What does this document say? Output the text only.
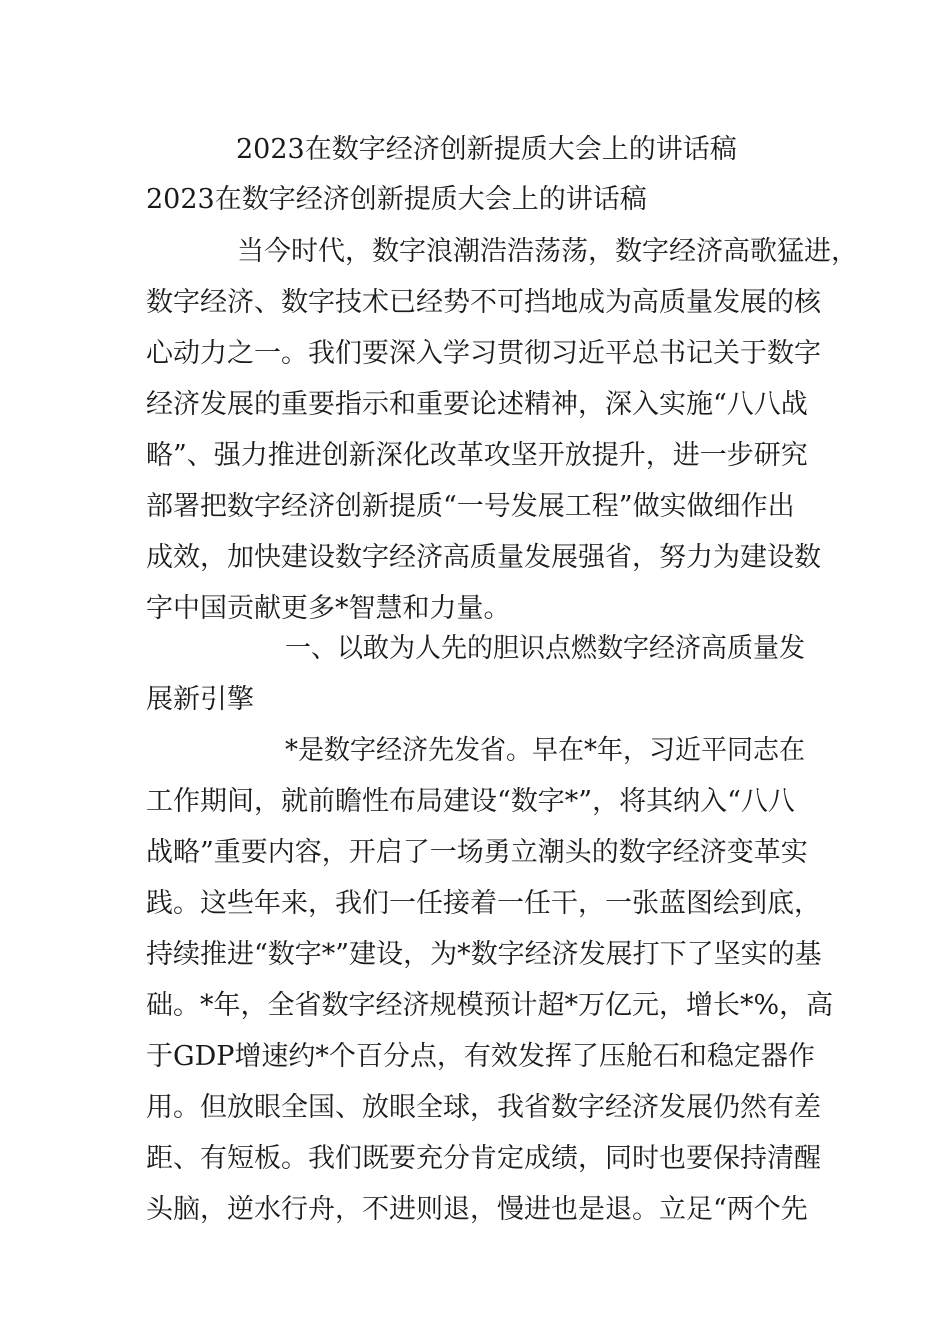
2023在数字经济创新提质大会上的讲话稿
2023在数字经济创新提质大会上的讲话稿
当今时代，数字浪潮浩浩荡荡，数字经济高歌猛进，
数字经济、数字技术已经势不可挡地成为高质量发展的核
心动力之一。我们要深入学习贯彻习近平总书记关于数字
经济发展的重要指示和重要论述精神，深入实施“八八战
略”、强力推进创新深化改革攻坚开放提升，进一步研究
部署把数字经济创新提质“一号发展工程”做实做细作出
成效，加快建设数字经济高质量发展强省，努力为建设数
字中国贡献更多*智慧和力量。
一、以敢为人先的胆识点燃数字经济高质量发
展新引擎
*是数字经济先发省。早在*年，习近平同志在
工作期间，就前瞻性布局建设“数字*”，将其纳入“八八
战略”重要内容，开启了一场勇立潮头的数字经济变革实
践。这些年来，我们一任接着一任干，一张蓝图绘到底，
持续推进“数字*”建设，为*数字经济发展打下了坚实的基
础。*年，全省数字经济规模预计超*万亿元，增长*%，高
于GDP增速约*个百分点，有效发挥了压舱石和稳定器作
用。但放眼全国、放眼全球，我省数字经济发展仍然有差
距、有短板。我们既要充分肯定成绩，同时也要保持清醒
头脑，逆水行舟，不进则退，慢进也是退。立足“两个先
